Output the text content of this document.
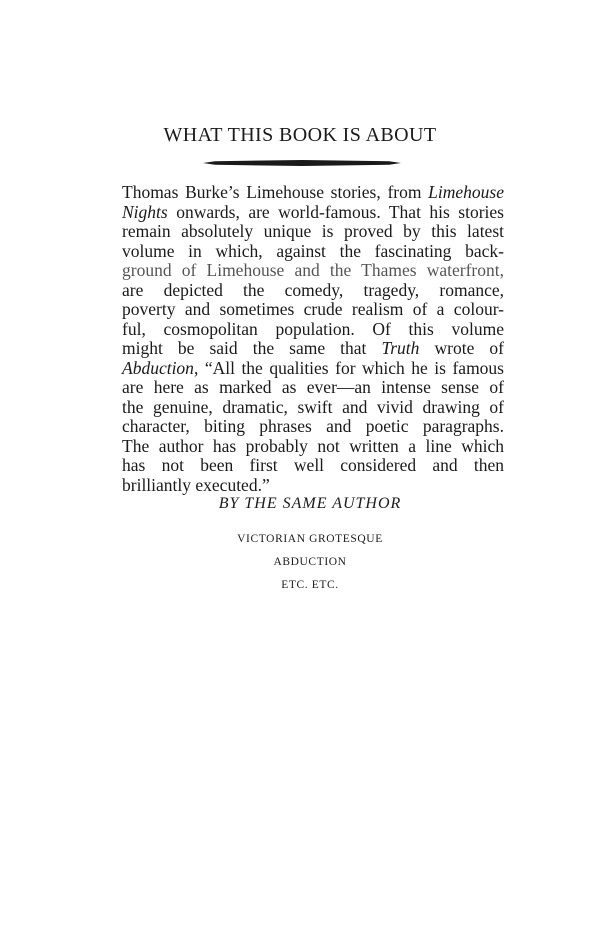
WHAT THIS BOOK IS ABOUT
Thomas Burke’s Limehouse stories, from Limehouse
Nights onwards, are world-famous. That his stories
remain absolutely unique is proved by this latest
volume in which, against the fascinating back-
ground of Limehouse and the Thames waterfront,
are depicted the comedy, tragedy, romance,
poverty and sometimes crude realism of a colour-
ful, cosmopolitan population. Of this volume
might be said the same that Truth wrote of
Abduction, “All the qualities for which he is famous
are here as marked as ever—an intense sense of
the genuine, dramatic, swift and vivid drawing of
character, biting phrases and poetic paragraphs.
The author has probably not written a line which
has not been first well considered and then
brilliantly executed.”
BY THE SAME AUTHOR
VICTORIAN GROTESQUE
ABDUCTION
ETC. ETC.
